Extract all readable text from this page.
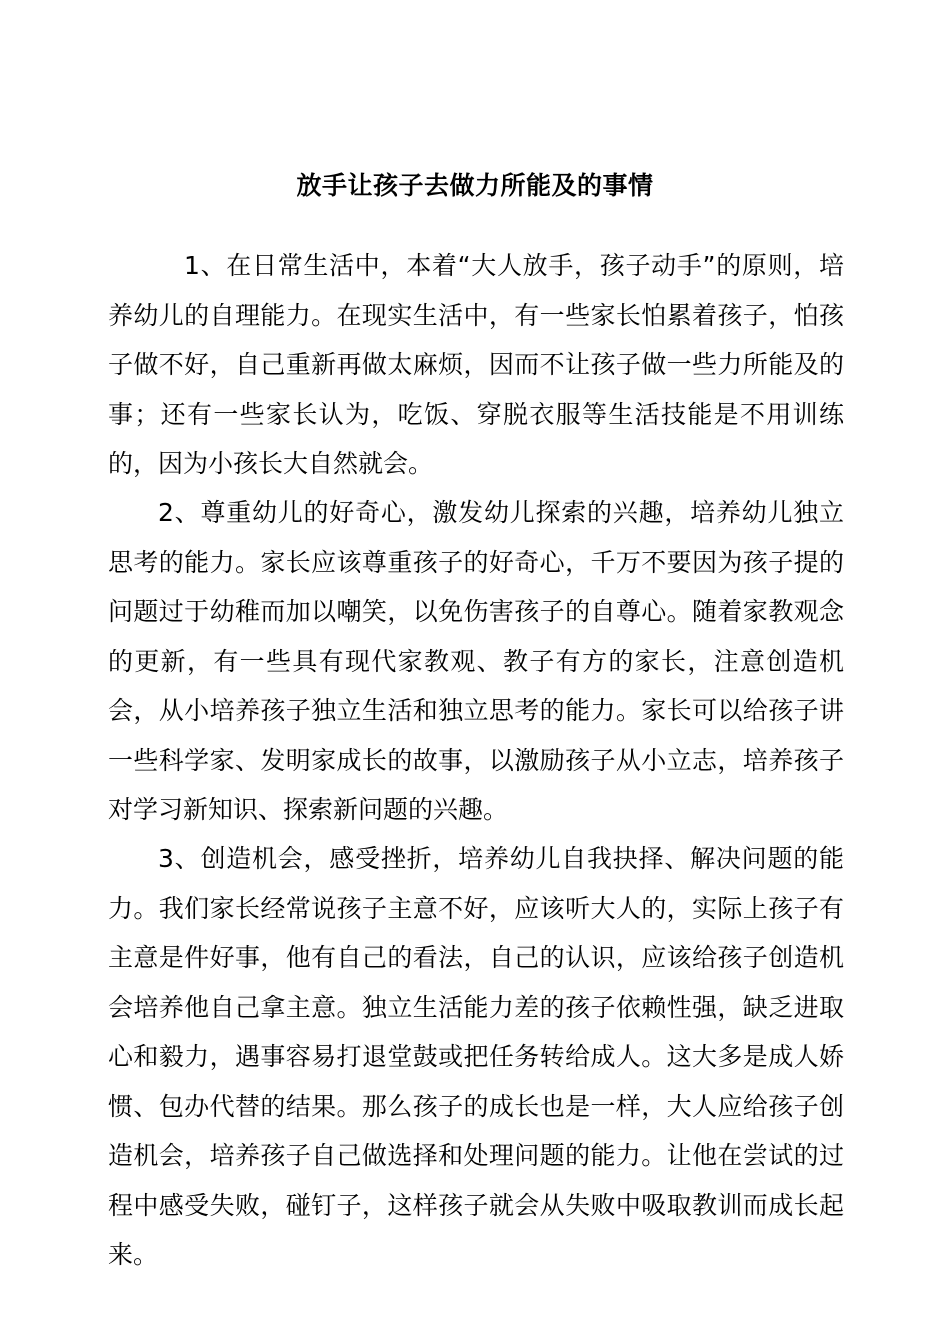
放手让孩子去做力所能及的事情

1、在日常生活中，本着“大人放手，孩子动手”的原则，培养幼儿的自理能力。在现实生活中，有一些家长怕累着孩子，怕孩子做不好，自己重新再做太麻烦，因而不让孩子做一些力所能及的事；还有一些家长认为，吃饭、穿脱衣服等生活技能是不用训练的，因为小孩长大自然就会。

2、尊重幼儿的好奇心，激发幼儿探索的兴趣，培养幼儿独立思考的能力。家长应该尊重孩子的好奇心，千万不要因为孩子提的问题过于幼稚而加以嘲笑，以免伤害孩子的自尊心。随着家教观念的更新，有一些具有现代家教观、教子有方的家长，注意创造机会，从小培养孩子独立生活和独立思考的能力。家长可以给孩子讲一些科学家、发明家成长的故事，以激励孩子从小立志，培养孩子对学习新知识、探索新问题的兴趣。

3、创造机会，感受挫折，培养幼儿自我抉择、解决问题的能力。我们家长经常说孩子主意不好，应该听大人的，实际上孩子有主意是件好事，他有自己的看法，自己的认识，应该给孩子创造机会培养他自己拿主意。独立生活能力差的孩子依赖性强，缺乏进取心和毅力，遇事容易打退堂鼓或把任务转给成人。这大多是成人娇惯、包办代替的结果。那么孩子的成长也是一样，大人应给孩子创造机会，培养孩子自己做选择和处理问题的能力。让他在尝试的过程中感受失败，碰钉子，这样孩子就会从失败中吸取教训而成长起来。
